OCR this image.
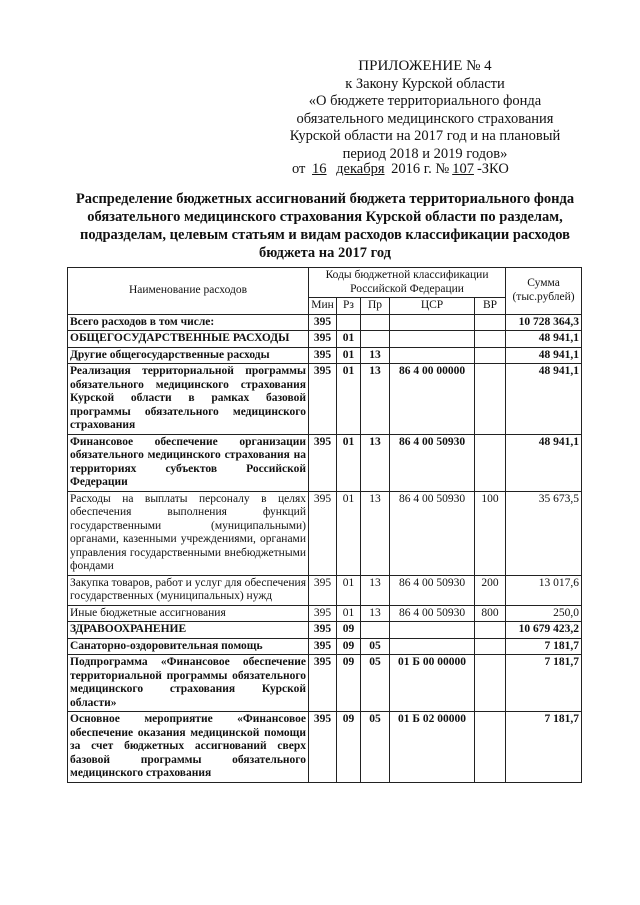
ПРИЛОЖЕНИЕ № 4
к Закону Курской области
«О бюджете территориального фонда
обязательного медицинского страхования
Курской области на 2017 год и на плановый
период 2018 и 2019 годов»
от 16 декабря 2016 г. № 107 -ЗКО
Распределение бюджетных ассигнований бюджета территориального фонда обязательного медицинского страхования Курской области по разделам, подразделам, целевым статьям и видам расходов классификации расходов бюджета на 2017 год
Наименование расходов	Коды бюджетной классификации Российской Федерации					Сумма (тыс.рублей)
	Мин	Рз	Пр	ЦСР	ВР	
Всего расходов в том числе:	395					10 728 364,3
ОБЩЕГОСУДАРСТВЕННЫЕ РАСХОДЫ	395	01				48 941,1
Другие общегосударственные расходы	395	01	13			48 941,1
Реализация территориальной программы обязательного медицинского страхования Курской области в рамках базовой программы обязательного медицинского страхования	395	01	13	86 4 00 00000		48 941,1
Финансовое обеспечение организации обязательного медицинского страхования на территориях субъектов Российской Федерации	395	01	13	86 4 00 50930		48 941,1
Расходы на выплаты персоналу в целях обеспечения выполнения функций государственными (муниципальными) органами, казенными учреждениями, органами управления государственными внебюджетными фондами	395	01	13	86 4 00 50930	100	35 673,5
Закупка товаров, работ и услуг для обеспечения государственных (муниципальных) нужд	395	01	13	86 4 00 50930	200	13 017,6
Иные бюджетные ассигнования	395	01	13	86 4 00 50930	800	250,0
ЗДРАВООХРАНЕНИЕ	395	09				10 679 423,2
Санаторно-оздоровительная помощь	395	09	05			7 181,7
Подпрограмма «Финансовое обеспечение территориальной программы обязательного медицинского страхования Курской области»	395	09	05	01 Б 00 00000		7 181,7
Основное мероприятие «Финансовое обеспечение оказания медицинской помощи за счет бюджетных ассигнований сверх базовой программы обязательного медицинского страхования	395	09	05	01 Б 02 00000		7 181,7
